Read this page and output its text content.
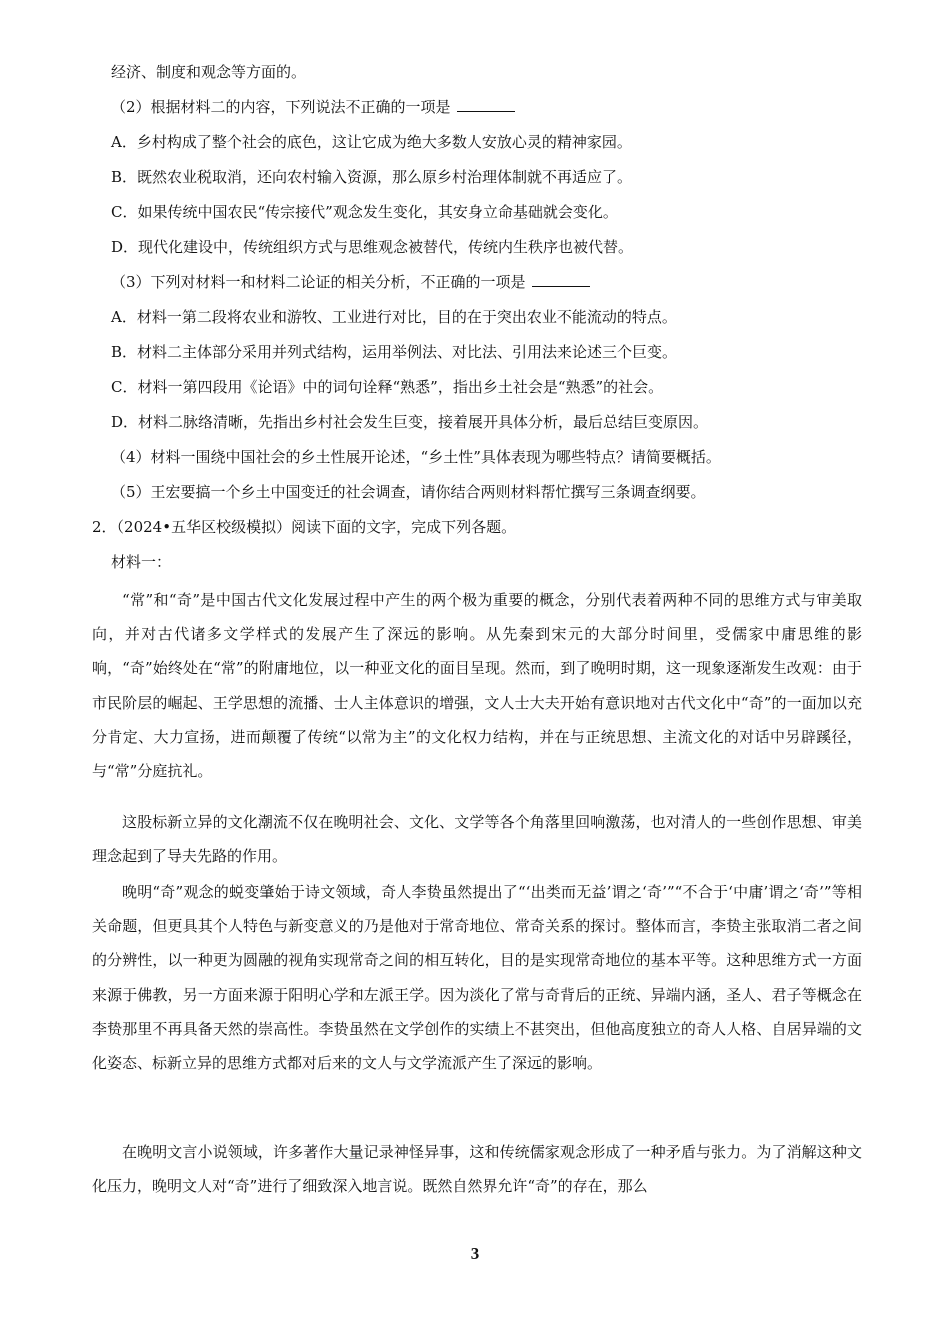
经济、制度和观念等方面的。
（2）根据材料二的内容，下列说法不正确的一项是
A．乡村构成了整个社会的底色，这让它成为绝大多数人安放心灵的精神家园。
B．既然农业税取消，还向农村输入资源，那么原乡村治理体制就不再适应了。
C．如果传统中国农民“传宗接代”观念发生变化，其安身立命基础就会变化。
D．现代化建设中，传统组织方式与思维观念被替代，传统内生秩序也被代替。
（3）下列对材料一和材料二论证的相关分析，不正确的一项是
A．材料一第二段将农业和游牧、工业进行对比，目的在于突出农业不能流动的特点。
B．材料二主体部分采用并列式结构，运用举例法、对比法、引用法来论述三个巨变。
C．材料一第四段用《论语》中的词句诠释“熟悉”，指出乡土社会是“熟悉”的社会。
D．材料二脉络清晰，先指出乡村社会发生巨变，接着展开具体分析，最后总结巨变原因。
（4）材料一围绕中国社会的乡土性展开论述，“乡土性”具体表现为哪些特点？请简要概括。
（5）王宏要搞一个乡土中国变迁的社会调查，请你结合两则材料帮忙撰写三条调查纲要。
2．（2024•五华区校级模拟）阅读下面的文字，完成下列各题。
材料一：
“常”和“奇”是中国古代文化发展过程中产生的两个极为重要的概念，分别代表着两种不同的思维方式与审美取向，并对古代诸多文学样式的发展产生了深远的影响。从先秦到宋元的大部分时间里，受儒家中庸思维的影响，“奇”始终处在“常”的附庸地位，以一种亚文化的面目呈现。然而，到了晚明时期，这一现象逐渐发生改观：由于市民阶层的崛起、王学思想的流播、士人主体意识的增强，文人士大夫开始有意识地对古代文化中“奇”的一面加以充分肯定、大力宣扬，进而颠覆了传统“以常为主”的文化权力结构，并在与正统思想、主流文化的对话中另辟蹊径，与“常”分庭抗礼。
这股标新立异的文化潮流不仅在晚明社会、文化、文学等各个角落里回响激荡，也对清人的一些创作思想、审美理念起到了导夫先路的作用。
晚明“奇”观念的蜕变肇始于诗文领域，奇人李贽虽然提出了“‘出类而无益’谓之‘奇’”“不合于‘中庸’谓之‘奇’”等相关命题，但更具其个人特色与新变意义的乃是他对于常奇地位、常奇关系的探讨。整体而言，李贽主张取消二者之间的分辨性，以一种更为圆融的视角实现常奇之间的相互转化，目的是实现常奇地位的基本平等。这种思维方式一方面来源于佛教，另一方面来源于阳明心学和左派王学。因为淡化了常与奇背后的正统、异端内涵，圣人、君子等概念在李贽那里不再具备天然的崇高性。李贽虽然在文学创作的实绩上不甚突出，但他高度独立的奇人人格、自居异端的文化姿态、标新立异的思维方式都对后来的文人与文学流派产生了深远的影响。
在晚明文言小说领域，许多著作大量记录神怪异事，这和传统儒家观念形成了一种矛盾与张力。为了消解这种文化压力，晚明文人对“奇”进行了细致深入地言说。既然自然界允许“奇”的存在，那么
3
